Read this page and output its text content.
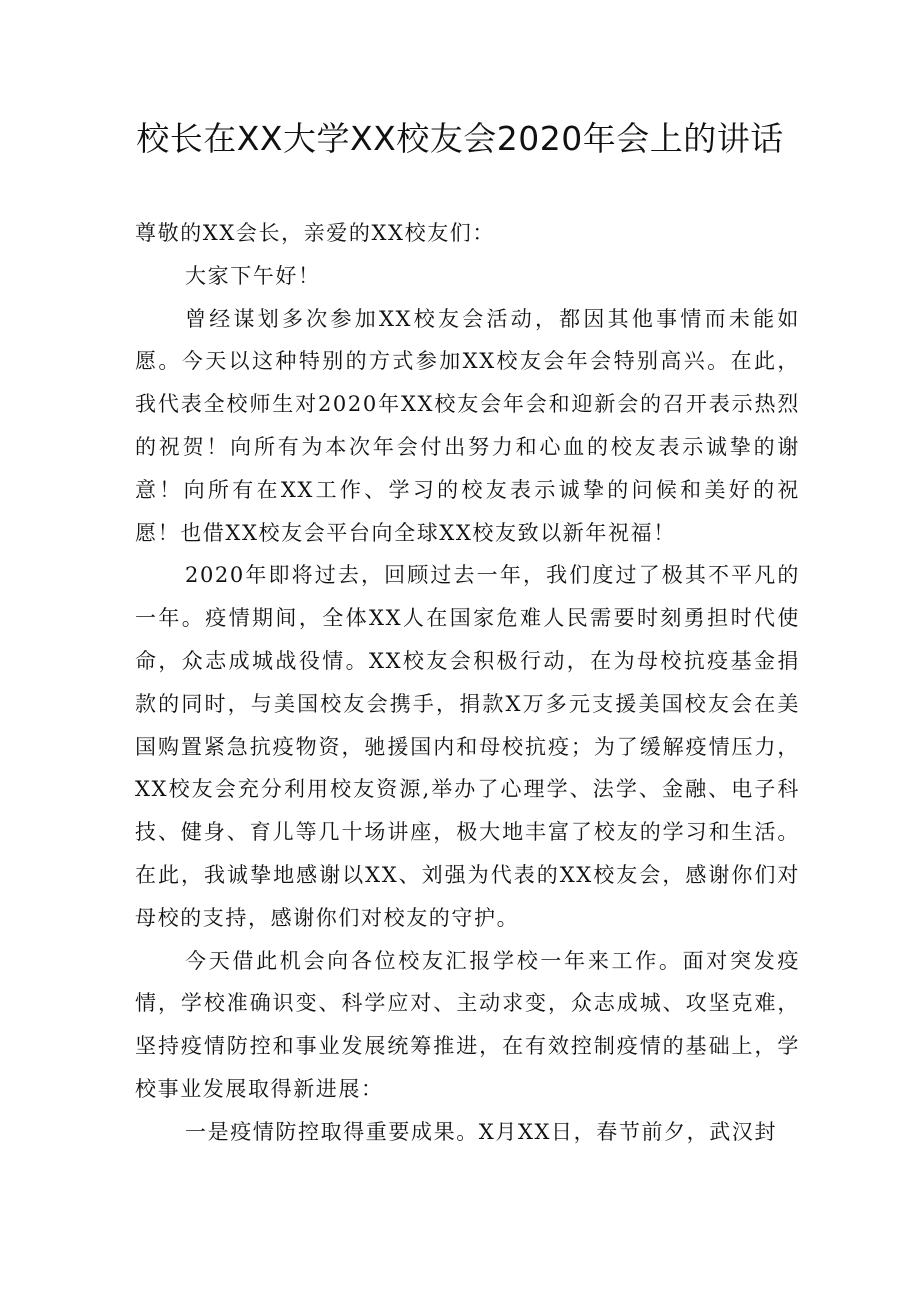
校长在XX大学XX校友会2020年会上的讲话

尊敬的XX会长，亲爱的XX校友们：

大家下午好！

曾经谋划多次参加XX校友会活动，都因其他事情而未能如愿。今天以这种特别的方式参加XX校友会年会特别高兴。在此，我代表全校师生对2020年XX校友会年会和迎新会的召开表示热烈的祝贺！向所有为本次年会付出努力和心血的校友表示诚挚的谢意！向所有在XX工作、学习的校友表示诚挚的问候和美好的祝愿！也借XX校友会平台向全球XX校友致以新年祝福！

2020年即将过去，回顾过去一年，我们度过了极其不平凡的一年。疫情期间，全体XX人在国家危难人民需要时刻勇担时代使命，众志成城战役情。XX校友会积极行动，在为母校抗疫基金捐款的同时，与美国校友会携手，捐款X万多元支援美国校友会在美国购置紧急抗疫物资，驰援国内和母校抗疫；为了缓解疫情压力，XX校友会充分利用校友资源,举办了心理学、法学、金融、电子科技、健身、育儿等几十场讲座，极大地丰富了校友的学习和生活。在此，我诚挚地感谢以XX、刘强为代表的XX校友会，感谢你们对母校的支持，感谢你们对校友的守护。

今天借此机会向各位校友汇报学校一年来工作。面对突发疫情，学校准确识变、科学应对、主动求变，众志成城、攻坚克难，坚持疫情防控和事业发展统筹推进，在有效控制疫情的基础上，学校事业发展取得新进展：

一是疫情防控取得重要成果。X月XX日，春节前夕，武汉封
